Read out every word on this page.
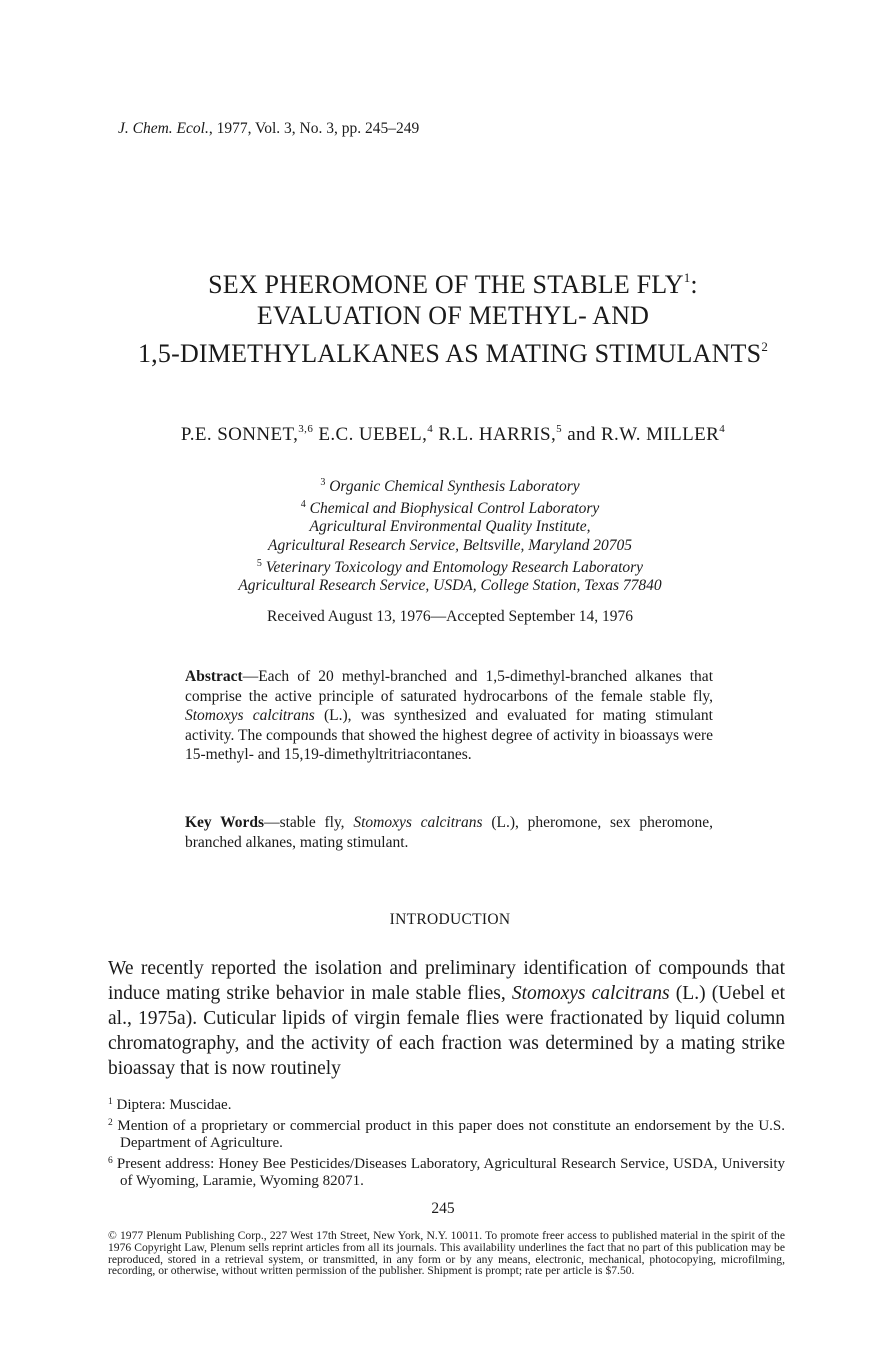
J. Chem. Ecol., 1977, Vol. 3, No. 3, pp. 245–249
SEX PHEROMONE OF THE STABLE FLY$^1$:
EVALUATION OF METHYL- AND
1,5-DIMETHYLALKANES AS MATING STIMULANTS$^2$
P.E. SONNET,$^{3,6}$ E.C. UEBEL,$^4$ R.L. HARRIS,$^5$ and R.W. MILLER$^4$
$^3$ Organic Chemical Synthesis Laboratory
$^4$ Chemical and Biophysical Control Laboratory
Agricultural Environmental Quality Institute,
Agricultural Research Service, Beltsville, Maryland 20705
$^5$ Veterinary Toxicology and Entomology Research Laboratory
Agricultural Research Service, USDA, College Station, Texas 77840
Received August 13, 1976—Accepted September 14, 1976
Abstract—Each of 20 methyl-branched and 1,5-dimethyl-branched alkanes that comprise the active principle of saturated hydrocarbons of the female stable fly, Stomoxys calcitrans (L.), was synthesized and evaluated for mating stimulant activity. The compounds that showed the highest degree of activity in bioassays were 15-methyl- and 15,19-dimethyltritriacontanes.
Key Words—stable fly, Stomoxys calcitrans (L.), pheromone, sex pheromone, branched alkanes, mating stimulant.
INTRODUCTION
We recently reported the isolation and preliminary identification of compounds that induce mating strike behavior in male stable flies, Stomoxys calcitrans (L.) (Uebel et al., 1975a). Cuticular lipids of virgin female flies were fractionated by liquid column chromatography, and the activity of each fraction was determined by a mating strike bioassay that is now routinely
$^1$ Diptera: Muscidae.
$^2$ Mention of a proprietary or commercial product in this paper does not constitute an endorsement by the U.S. Department of Agriculture.
$^6$ Present address: Honey Bee Pesticides/Diseases Laboratory, Agricultural Research Service, USDA, University of Wyoming, Laramie, Wyoming 82071.
245
© 1977 Plenum Publishing Corp., 227 West 17th Street, New York, N.Y. 10011. To promote freer access to published material in the spirit of the 1976 Copyright Law, Plenum sells reprint articles from all its journals. This availability underlines the fact that no part of this publication may be reproduced, stored in a retrieval system, or transmitted, in any form or by any means, electronic, mechanical, photocopying, microfilming, recording, or otherwise, without written permission of the publisher. Shipment is prompt; rate per article is $7.50.
